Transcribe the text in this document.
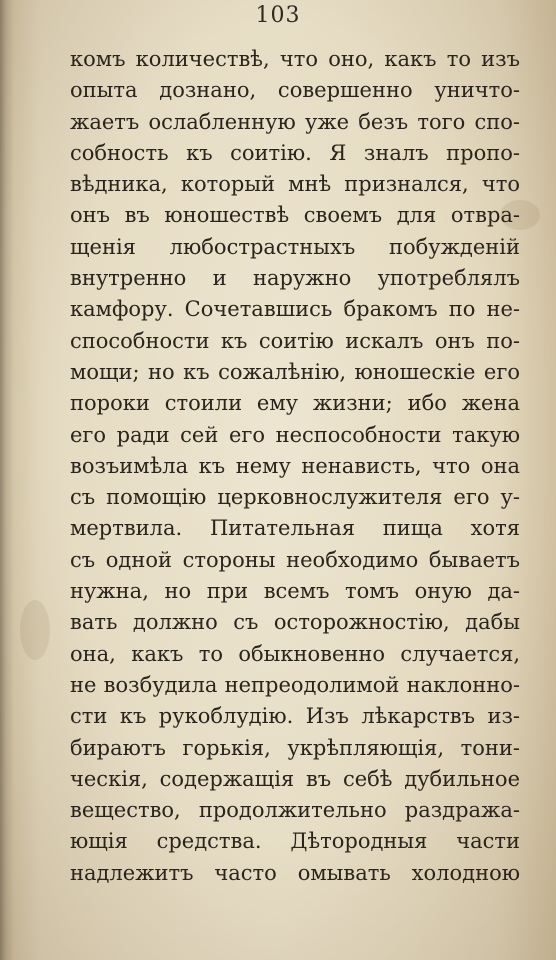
103
комъ количествѣ, что оно, какъ то изъ
опыта дознано, совершенно уничто-
жаетъ ослабленную уже безъ того спо-
собность къ соитію. Я зналъ пропо-
вѣдника, который мнѣ признался, что
онъ въ юношествѣ своемъ для отвра-
щенія любострастныхъ побужденій
внутренно и наружно употреблялъ
камфору. Сочетавшись бракомъ по не-
способности къ соитію искалъ онъ по-
мощи; но къ сожалѣнію, юношескіе его
пороки стоили ему жизни; ибо жена
его ради сей его неспособности такую
возъимѣла къ нему ненависть, что она
съ помощію церковнослужителя его у-
мертвила. Питательная пища хотя
съ одной стороны необходимо бываетъ
нужна, но при всемъ томъ оную да-
вать должно съ осторожностію, дабы
она, какъ то обыкновенно случается,
не возбудила непреодолимой наклонно-
сти къ рукоблудію. Изъ лѣкарствъ из-
бираютъ горькія, укрѣпляющія, тони-
ческія, содержащія въ себѣ дубильное
вещество, продолжительно раздража-
ющія средства. Дѣтородныя части
надлежитъ часто омывать холодною
